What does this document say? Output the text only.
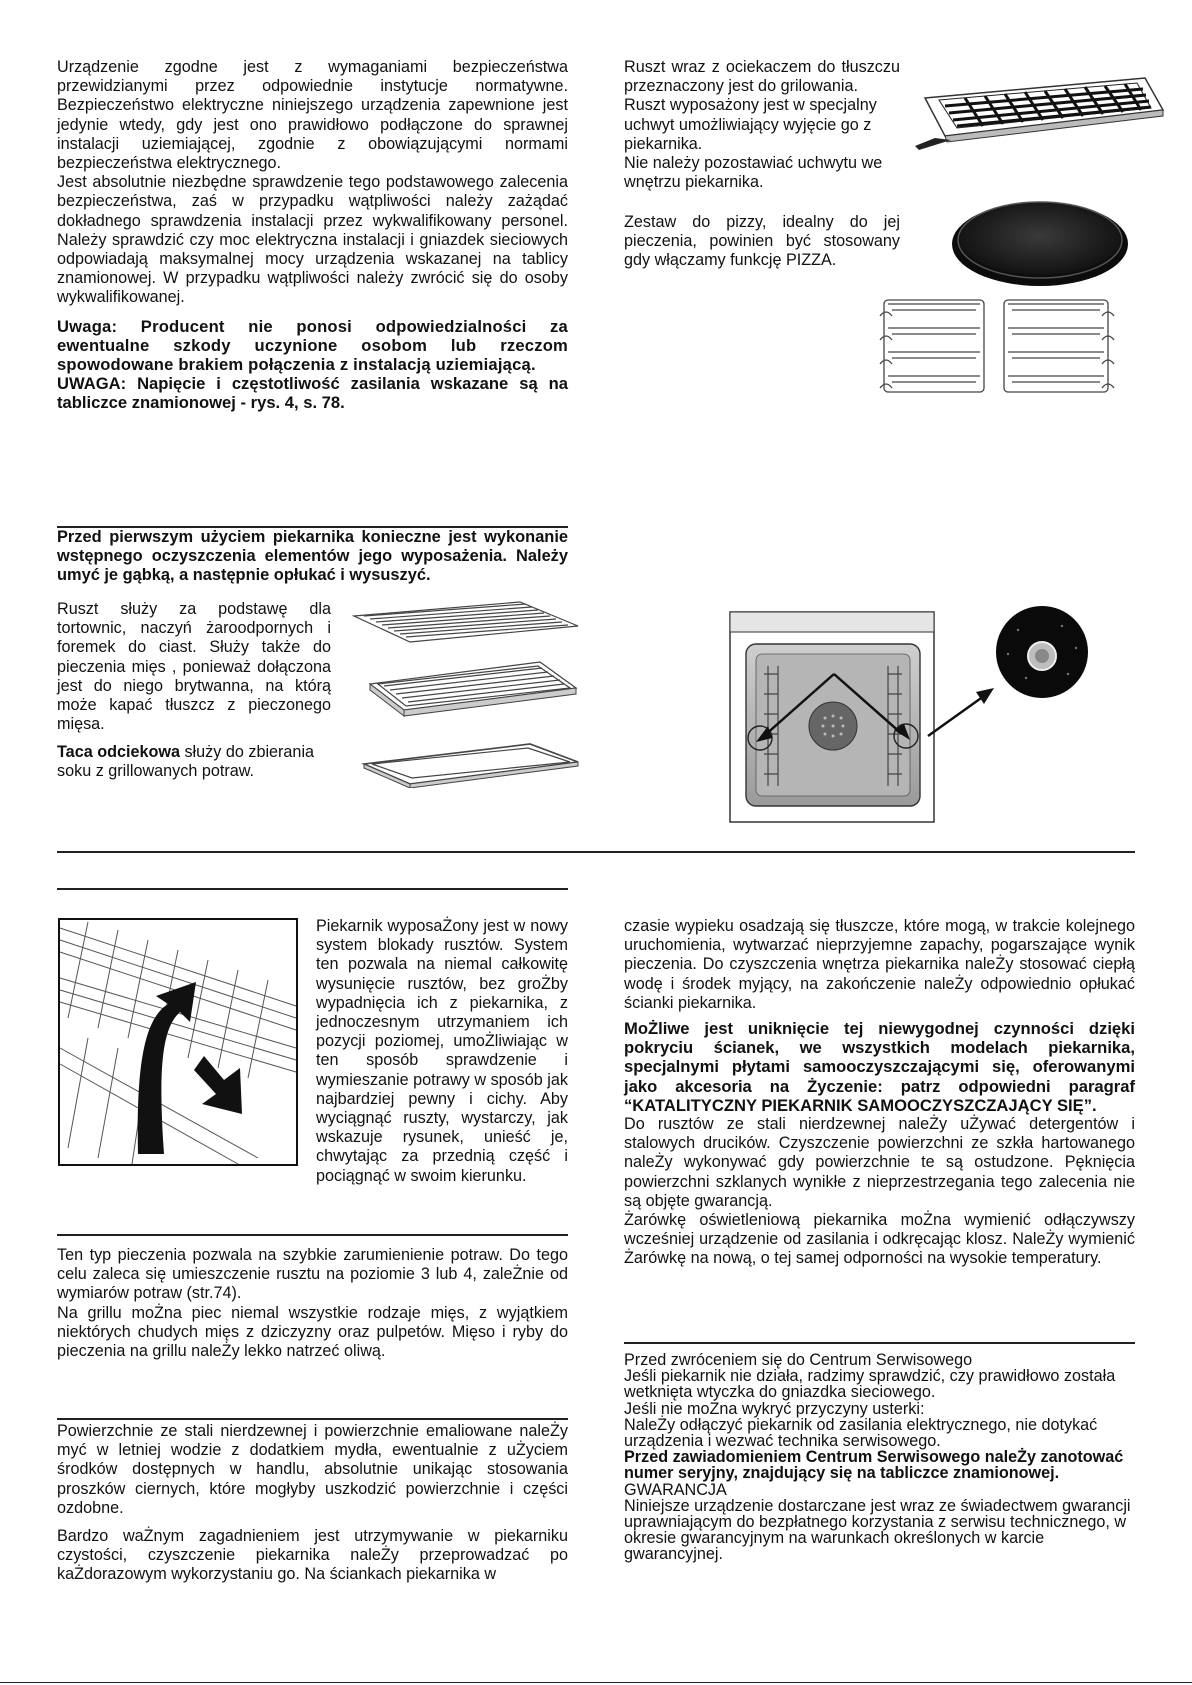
Urządzenie zgodne jest z wymaganiami bezpieczeństwa przewidzianymi przez odpowiednie instytucje normatywne. Bezpieczeństwo elektryczne niniejszego urządzenia zapewnione jest jedynie wtedy, gdy jest ono prawidłowo podłączone do sprawnej instalacji uziemiającej, zgodnie z obowiązującymi normami bezpieczeństwa elektrycznego.

Jest absolutnie niezbędne sprawdzenie tego podstawowego zalecenia bezpieczeństwa, zaś w przypadku wątpliwości należy zażądać dokładnego sprawdzenia instalacji przez wykwalifikowany personel. Należy sprawdzić czy moc elektryczna instalacji i gniazdek sieciowych odpowiadają maksymalnej mocy urządzenia wskazanej na tablicy znamionowej. W przypadku wątpliwości należy zwrócić się do osoby wykwalifikowanej.

Uwaga: Producent nie ponosi odpowiedzialności za ewentualne szkody uczynione osobom lub rzeczom spowodowane brakiem połączenia z instalacją uziemiającą.

UWAGA: Napięcie i częstotliwość zasilania wskazane są na tabliczce znamionowej - rys. 4, s. 78.

Ruszt wraz z ociekaczem do tłuszczu przeznaczony jest do grilowania.

Ruszt wyposażony jest w specjalny uchwyt umożliwiający wyjęcie go z piekarnika.

Nie należy pozostawiać uchwytu we wnętrzu piekarnika.

Zestaw do pizzy, idealny do jej pieczenia, powinien być stosowany gdy włączamy funkcję PIZZA.

Przed pierwszym użyciem piekarnika konieczne jest wykonanie wstępnego oczyszczenia elementów jego wyposażenia. Należy umyć je gąbką, a następnie opłukać i wysuszyć.
Ruszt służy za podstawę dla tortownic, naczyń żaroodpornych i foremek do ciast. Służy także do pieczenia mięs , ponieważ dołączona jest do niego brytwanna, na którą może kapać tłuszcz z pieczonego mięsa.
Taca odciekowa służy do zbierania soku z grillowanych potraw.
Piekarnik wyposaŻony jest w nowy system blokady rusztów. System ten pozwala na niemal całkowitę wysunięcie rusztów, bez groŻby wypadnięcia ich z piekarnika, z jednoczesnym utrzymaniem ich pozycji poziomej, umoŻliwiając w ten sposób sprawdzenie i wymieszanie potrawy w sposób jak najbardziej pewny i cichy. Aby wyciągnąć ruszty, wystarczy, jak wskazuje rysunek, unieść je, chwytając za przednią część i pociągnąć w swoim kierunku.

Ten typ pieczenia pozwala na szybkie zarumienienie potraw. Do tego celu zaleca się umieszczenie rusztu na poziomie 3 lub 4, zaleŻnie od wymiarów potraw (str.74).

Na grillu moŻna piec niemal wszystkie rodzaje mięs, z wyjątkiem niektórych chudych mięs z dziczyzny oraz pulpetów. Mięso i ryby do pieczenia na grillu naleŻy lekko natrzeć oliwą.

Powierzchnie ze stali nierdzewnej i powierzchnie emaliowane naleŻy myć w letniej wodzie z dodatkiem mydła, ewentualnie z uŻyciem środków dostępnych w handlu, absolutnie unikając stosowania proszków ciernych, które mogłyby uszkodzić powierzchnie i części ozdobne.

Bardzo waŻnym zagadnieniem jest utrzymywanie w piekarniku czystości, czyszczenie piekarnika naleŻy przeprowadzać po kaŻdorazowym wykorzystaniu go. Na ściankach piekarnika w

czasie wypieku osadzają się tłuszcze, które mogą, w trakcie kolejnego uruchomienia, wytwarzać nieprzyjemne zapachy, pogarszające wynik pieczenia. Do czyszczenia wnętrza piekarnika naleŻy stosować ciepłą wodę i środek myjący, na zakończenie naleŻy odpowiednio opłukać ścianki piekarnika.

MoŻliwe jest uniknięcie tej niewygodnej czynności dzięki pokryciu ścianek, we wszystkich modelach piekarnika, specjalnymi płytami samooczyszczającymi się, oferowanymi jako akcesoria na Życzenie: patrz odpowiedni paragraf “KATALITYCZNY PIEKARNIK SAMOOCZYSZCZAJĄCY SIĘ”.

Do rusztów ze stali nierdzewnej naleŻy uŻywać detergentów i stalowych drucików. Czyszczenie powierzchni ze szkła hartowanego naleŻy wykonywać gdy powierzchnie te są ostudzone. Pęknięcia powierzchni szklanych wynikłe z nieprzestrzegania tego zalecenia nie są objęte gwarancją.

Żarówkę oświetleniową piekarnika moŻna wymienić odłączywszy wcześniej urządzenie od zasilania i odkręcając klosz. NaleŻy wymienić Żarówkę na nową, o tej samej odporności na wysokie temperatury.

Przed zwróceniem się do Centrum Serwisowego
Jeśli piekarnik nie działa, radzimy sprawdzić, czy prawidłowo została wetknięta wtyczka do gniazdka sieciowego.
Jeśli nie moŻna wykryć przyczyny usterki:
NaleŻy odłączyć piekarnik od zasilania elektrycznego, nie dotykać urządzenia i wezwać technika serwisowego.
Przed zawiadomieniem Centrum Serwisowego naleŻy zanotować numer seryjny, znajdujący się na tabliczce znamionowej.
GWARANCJA
Niniejsze urządzenie dostarczane jest wraz ze świadectwem gwarancji uprawniającym do bezpłatnego korzystania z serwisu technicznego, w okresie gwarancyjnym na warunkach określonych w karcie gwarancyjnej.
